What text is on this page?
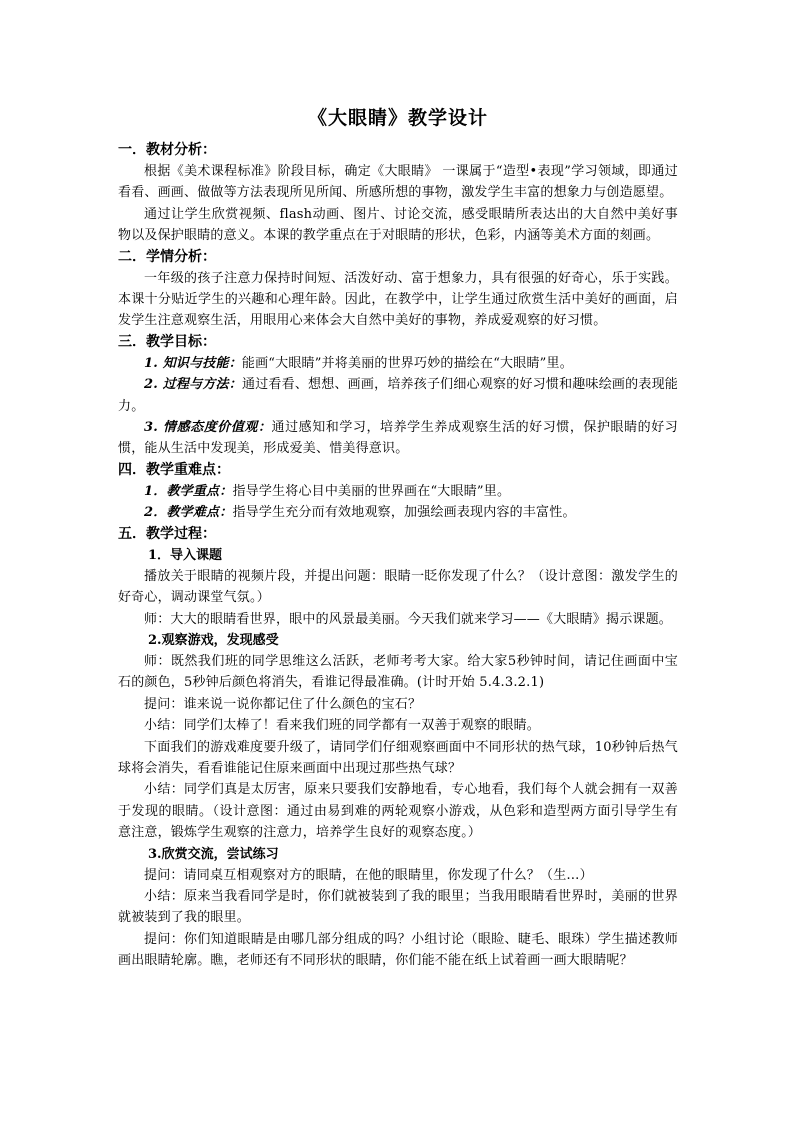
《大眼睛》教学设计
一．教材分析：

根据《美术课程标准》阶段目标，确定《大眼睛》 一课属于“造型•表现”学习领域，即通过看看、画画、做做等方法表现所见所闻、所感所想的事物，激发学生丰富的想象力与创造愿望。

通过让学生欣赏视频、flash动画、图片、讨论交流，感受眼睛所表达出的大自然中美好事物以及保护眼睛的意义。本课的教学重点在于对眼睛的形状，色彩，内涵等美术方面的刻画。

二．学情分析：

一年级的孩子注意力保持时间短、活泼好动、富于想象力，具有很强的好奇心，乐于实践。本课十分贴近学生的兴趣和心理年龄。因此，在教学中，让学生通过欣赏生活中美好的画面，启发学生注意观察生活，用眼用心来体会大自然中美好的事物，养成爱观察的好习惯。

三．教学目标：

1. 知识与技能：能画“大眼睛”并将美丽的世界巧妙的描绘在“大眼睛”里。

2. 过程与方法：通过看看、想想、画画，培养孩子们细心观察的好习惯和趣味绘画的表现能力。

3. 情感态度价值观：通过感知和学习，培养学生养成观察生活的好习惯，保护眼睛的好习惯，能从生活中发现美，形成爱美、惜美得意识。

四．教学重难点：

1．教学重点：指导学生将心目中美丽的世界画在“大眼睛”里。

2．教学难点：指导学生充分而有效地观察，加强绘画表现内容的丰富性。

五．教学过程：
1．导入课题

播放关于眼睛的视频片段，并提出问题：眼睛一眨你发现了什么？（设计意图：激发学生的好奇心，调动课堂气氛。）

师：大大的眼睛看世界，眼中的风景最美丽。今天我们就来学习——《大眼睛》揭示课题。

2.观察游戏，发现感受

师：既然我们班的同学思维这么活跃，老师考考大家。给大家5秒钟时间，请记住画面中宝石的颜色，5秒钟后颜色将消失，看谁记得最准确。(计时开始 5.4.3.2.1)

提问：谁来说一说你都记住了什么颜色的宝石？

小结：同学们太棒了！看来我们班的同学都有一双善于观察的眼睛。

下面我们的游戏难度要升级了，请同学们仔细观察画面中不同形状的热气球，10秒钟后热气球将会消失，看看谁能记住原来画面中出现过那些热气球？

小结：同学们真是太厉害，原来只要我们安静地看，专心地看，我们每个人就会拥有一双善于发现的眼睛。（设计意图：通过由易到难的两轮观察小游戏，从色彩和造型两方面引导学生有意注意，锻炼学生观察的注意力，培养学生良好的观察态度。）

3.欣赏交流，尝试练习

提问：请同桌互相观察对方的眼睛，在他的眼睛里，你发现了什么？（生…）

小结：原来当我看同学是时，你们就被装到了我的眼里；当我用眼睛看世界时，美丽的世界就被装到了我的眼里。

提问：你们知道眼睛是由哪几部分组成的吗？小组讨论（眼睑、睫毛、眼珠）学生描述教师画出眼睛轮廓。瞧，老师还有不同形状的眼睛，你们能不能在纸上试着画一画大眼睛呢？
